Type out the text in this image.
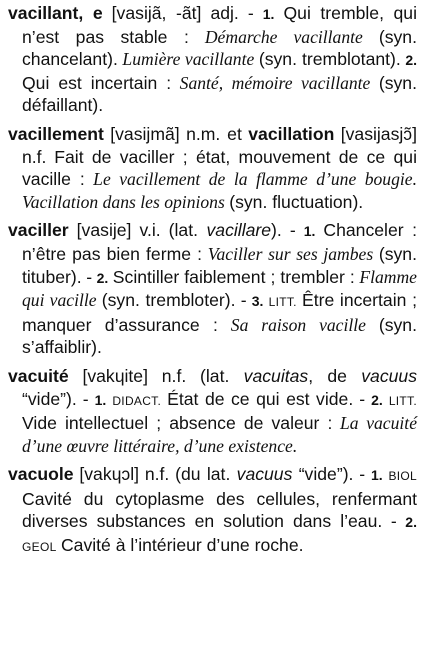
vacillant, e [vasijã, -ãt] adj. - 1. Qui tremble, qui n’est pas stable : Démarche vacillante (syn. chancelant). Lumière vacillante (syn. tremblotant). 2. Qui est incertain : Santé, mémoire vacillante (syn. défaillant).
vacillement [vasijmã] n.m. et vacillation [vasijasjɔ̃] n.f. Fait de vaciller ; état, mouvement de ce qui vacille : Le vacillement de la flamme d’une bougie. Vacillation dans les opinions (syn. fluctuation).
vaciller [vasije] v.i. (lat. vacillare). - 1. Chanceler : n’être pas bien ferme : Vaciller sur ses jambes (syn. tituber). - 2. Scintiller faiblement ; trembler : Flamme qui vacille (syn. trembloter). - 3. LITT. Être incertain ; manquer d’assurance : Sa raison vacille (syn. s’affaiblir).
vacuité [vakɥite] n.f. (lat. vacuitas, de vacuus “vide”). - 1. DIDACT. État de ce qui est vide. - 2. LITT. Vide intellectuel ; absence de valeur : La vacuité d’une œuvre littéraire, d’une existence.
vacuole [vakɥɔl] n.f. (du lat. vacuus “vide”). - 1. BIOL Cavité du cytoplasme des cellules, renfermant diverses substances en solution dans l’eau. - 2. GEOL Cavité à l’intérieur d’une roche.
